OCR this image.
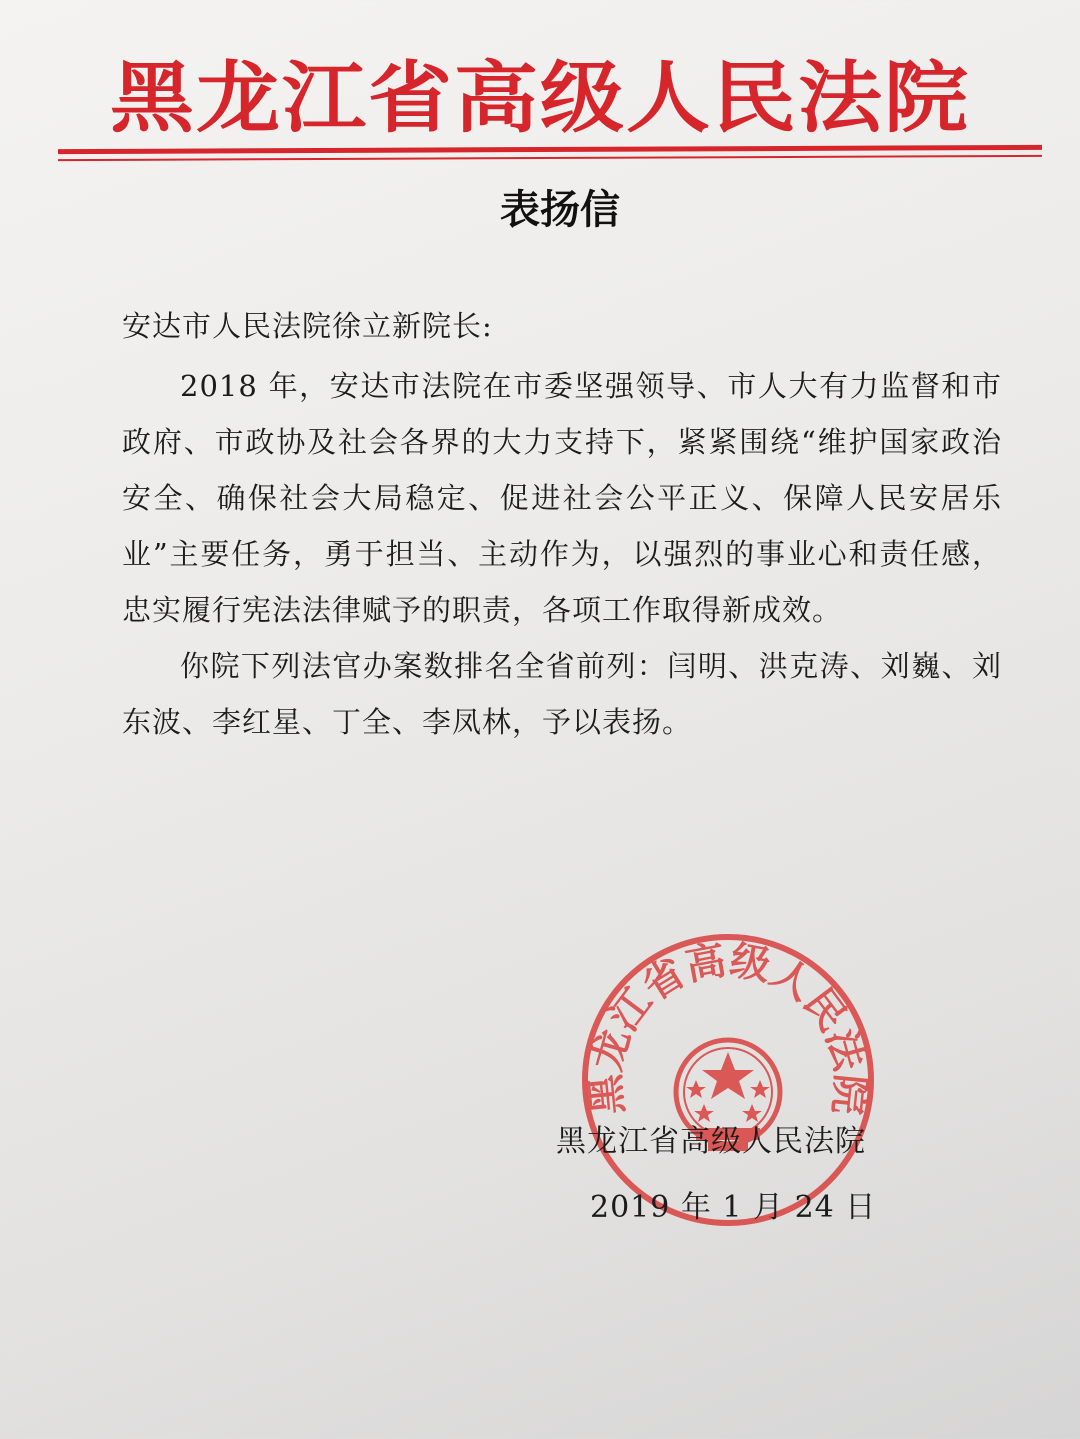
黑龙江省高级人民法院
表扬信

安达市人民法院徐立新院长:

2018 年，安达市法院在市委坚强领导、市人大有力监督和市政府、市政协及社会各界的大力支持下，紧紧围绕“维护国家政治安全、确保社会大局稳定、促进社会公平正义、保障人民安居乐业”主要任务，勇于担当、主动作为，以强烈的事业心和责任感，忠实履行宪法法律赋予的职责，各项工作取得新成效。

你院下列法官办案数排名全省前列：闫明、洪克涛、刘巍、刘东波、李红星、丁全、李凤林，予以表扬。

黑龙江省高级人民法院
黑龙江省高级人民法院
2019 年 1 月 24 日
